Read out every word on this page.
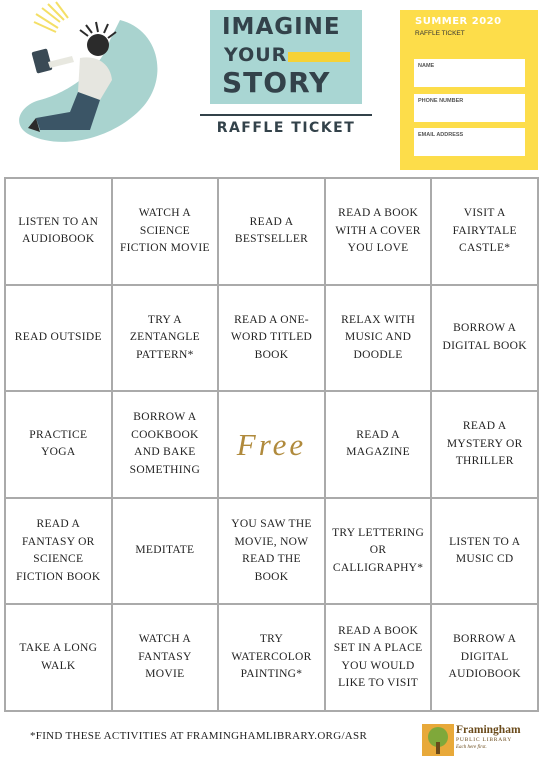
IMAGINE
YOUR
STORY
RAFFLE TICKET
SUMMER 2020
RAFFLE TICKET
NAME
PHONE NUMBER
EMAIL ADDRESS
LISTEN TO AN AUDIOBOOK
WATCH A SCIENCE FICTION MOVIE
READ A BESTSELLER
READ A BOOK WITH A COVER YOU LOVE
VISIT A FAIRYTALE CASTLE*
READ OUTSIDE
TRY A ZENTANGLE PATTERN*
READ A ONE-WORD TITLED BOOK
RELAX WITH MUSIC AND DOODLE
BORROW A DIGITAL BOOK
PRACTICE YOGA
BORROW A COOKBOOK AND BAKE SOMETHING
Free	READ A MAGAZINE
READ A MYSTERY OR THRILLER
READ A FANTASY OR SCIENCE FICTION BOOK
MEDITATE
YOU SAW THE MOVIE, NOW READ THE BOOK
TRY LETTERING OR CALLIGRAPHY*
LISTEN TO A MUSIC CD
TAKE A LONG WALK
WATCH A FANTASY MOVIE
TRY WATERCOLOR PAINTING*
READ A BOOK SET IN A PLACE YOU WOULD LIKE TO VISIT
BORROW A DIGITAL AUDIOBOOK
*FIND THESE ACTIVITIES AT FRAMINGHAMLIBRARY.ORG/ASR	Framingham
PUBLIC LIBRARY
Each here first.
